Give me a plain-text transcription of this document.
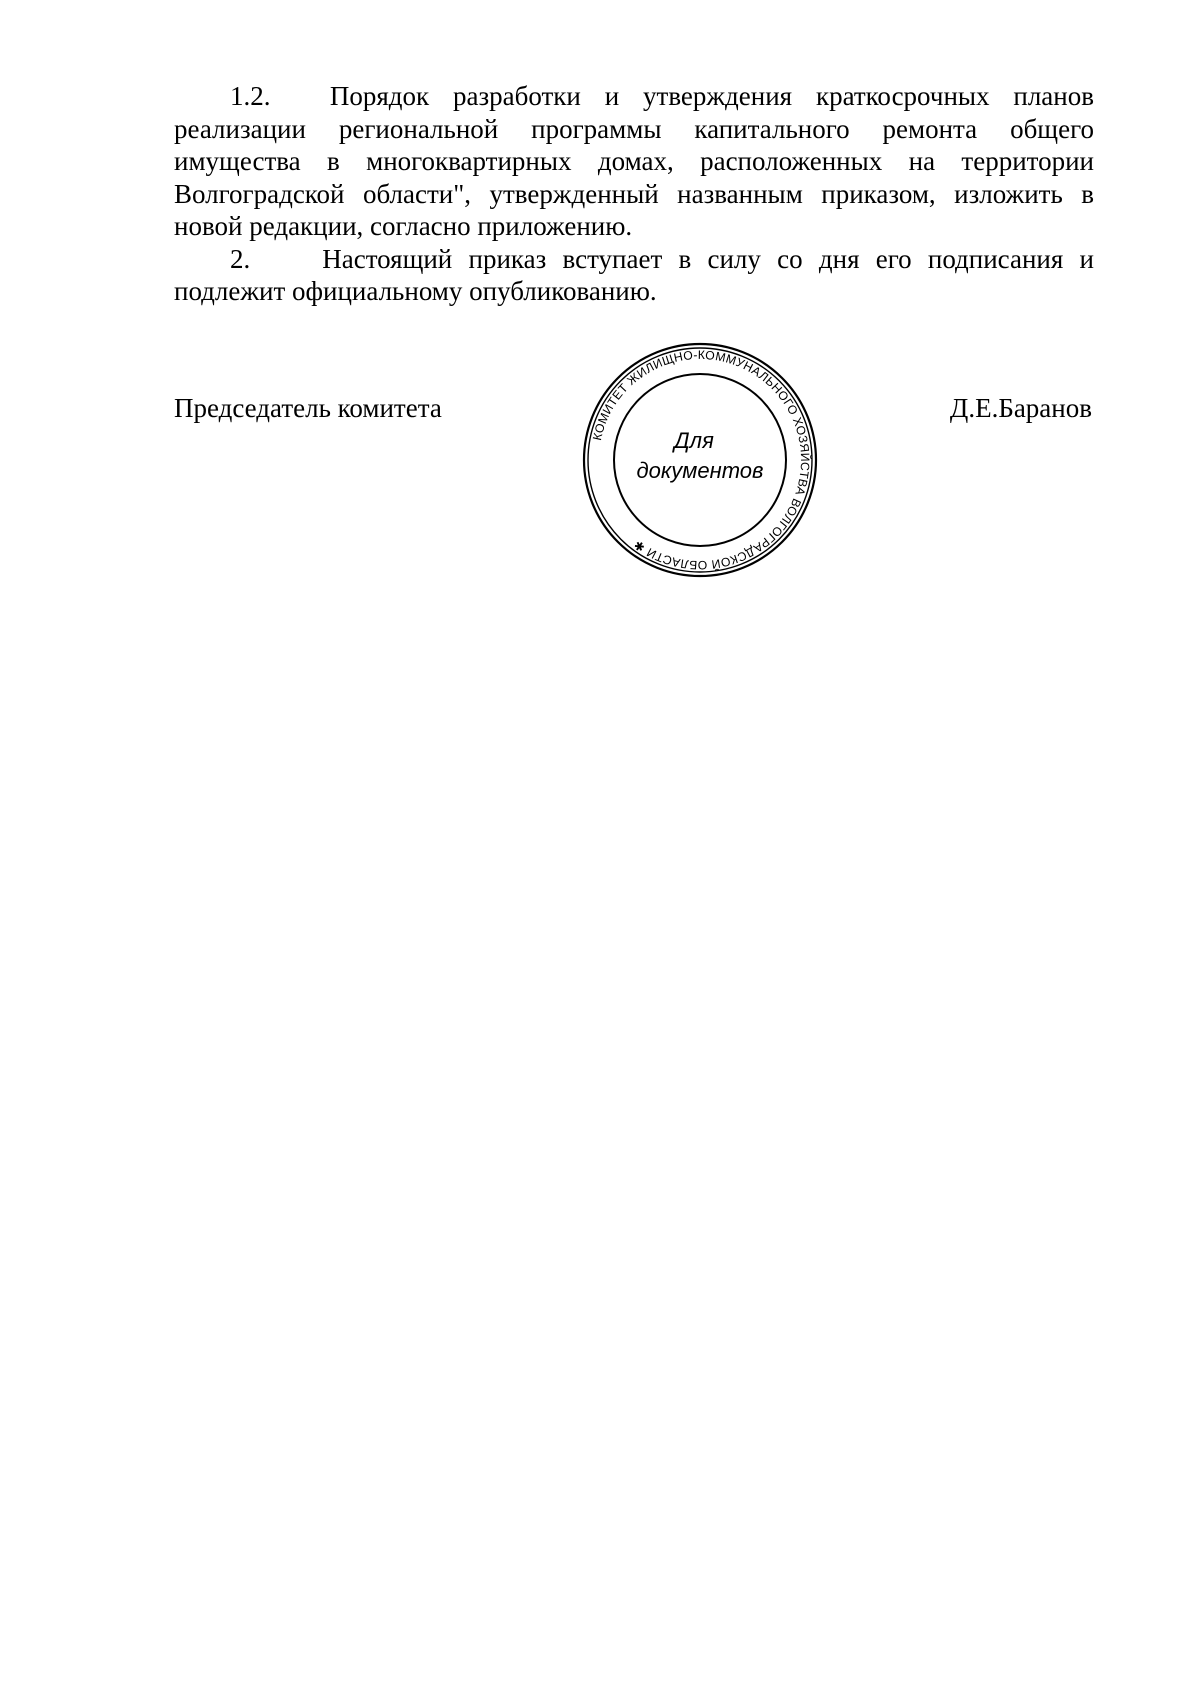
1.2. Порядок разработки и утверждения краткосрочных планов реализации региональной программы капитального ремонта общего имущества в многоквартирных домах, расположенных на территории Волгоградской области", утвержденный названным приказом, изложить в новой редакции, согласно приложению.

2.	Настоящий приказ вступает в силу со дня его подписания и подлежит официальному опубликованию.

Председатель комитета
КОМИТЕТ ЖИЛИЩНО-КОММУНАЛЬНОГО ХОЗЯЙСТВА ВОЛГОГРАДСКОЙ ОБЛАСТИ ✱
Для
документов
Д.Е.Баранов
